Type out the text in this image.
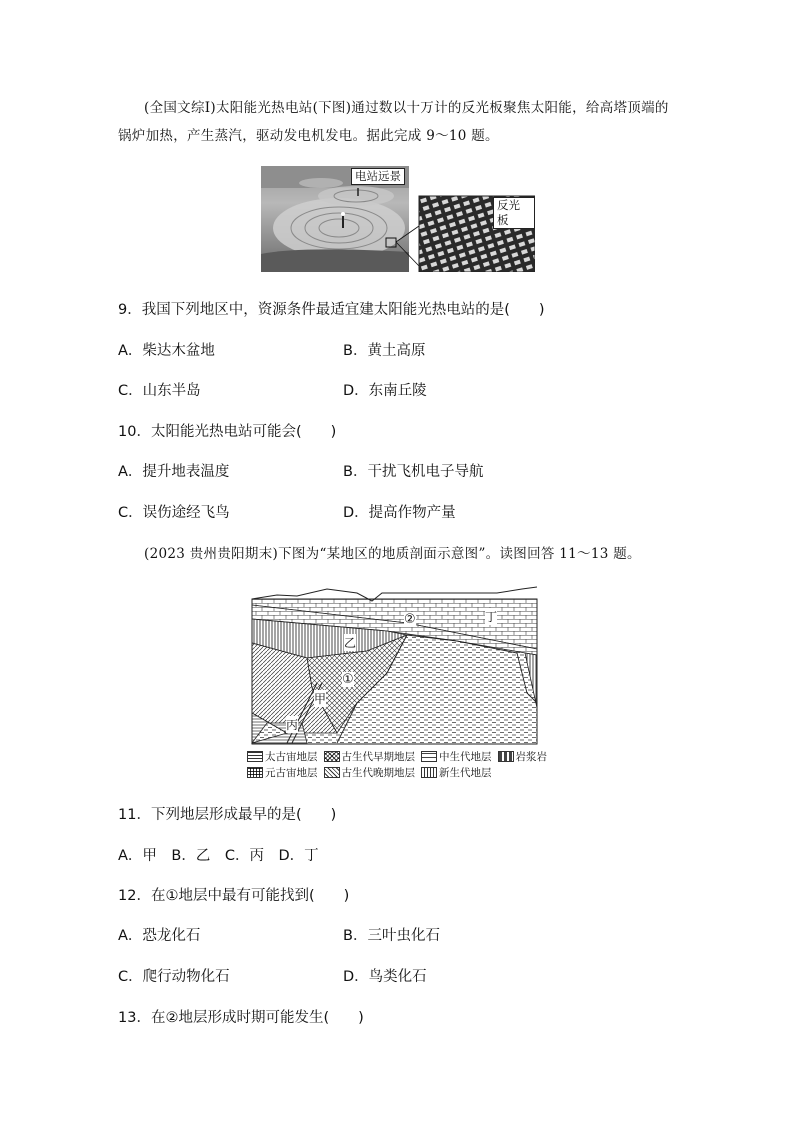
(全国文综Ⅰ)太阳能光热电站(下图)通过数以十万计的反光板聚焦太阳能，给高塔顶端的
锅炉加热，产生蒸汽，驱动发电机发电。据此完成 9～10 题。
电站远景
反光板
9．我国下列地区中，资源条件最适宜建太阳能光热电站的是(　　)
A．柴达木盆地	B．黄土高原
C．山东半岛	D．东南丘陵
10．太阳能光热电站可能会(　　)
A．提升地表温度	B．干扰飞机电子导航
C．误伤途经飞鸟	D．提高作物产量
(2023 贵州贵阳期末)下图为“某地区的地质剖面示意图”。读图回答 11～13 题。
丁
②
乙
①
甲
丙
太古宙地层 古生代早期地层 中生代地层 岩浆岩
元古宙地层 古生代晚期地层 新生代地层
11．下列地层形成最早的是(　　)
A．甲　B．乙　C．丙　D．丁
12．在①地层中最有可能找到(　　)
A．恐龙化石	B．三叶虫化石
C．爬行动物化石	D．鸟类化石
13．在②地层形成时期可能发生(　　)
